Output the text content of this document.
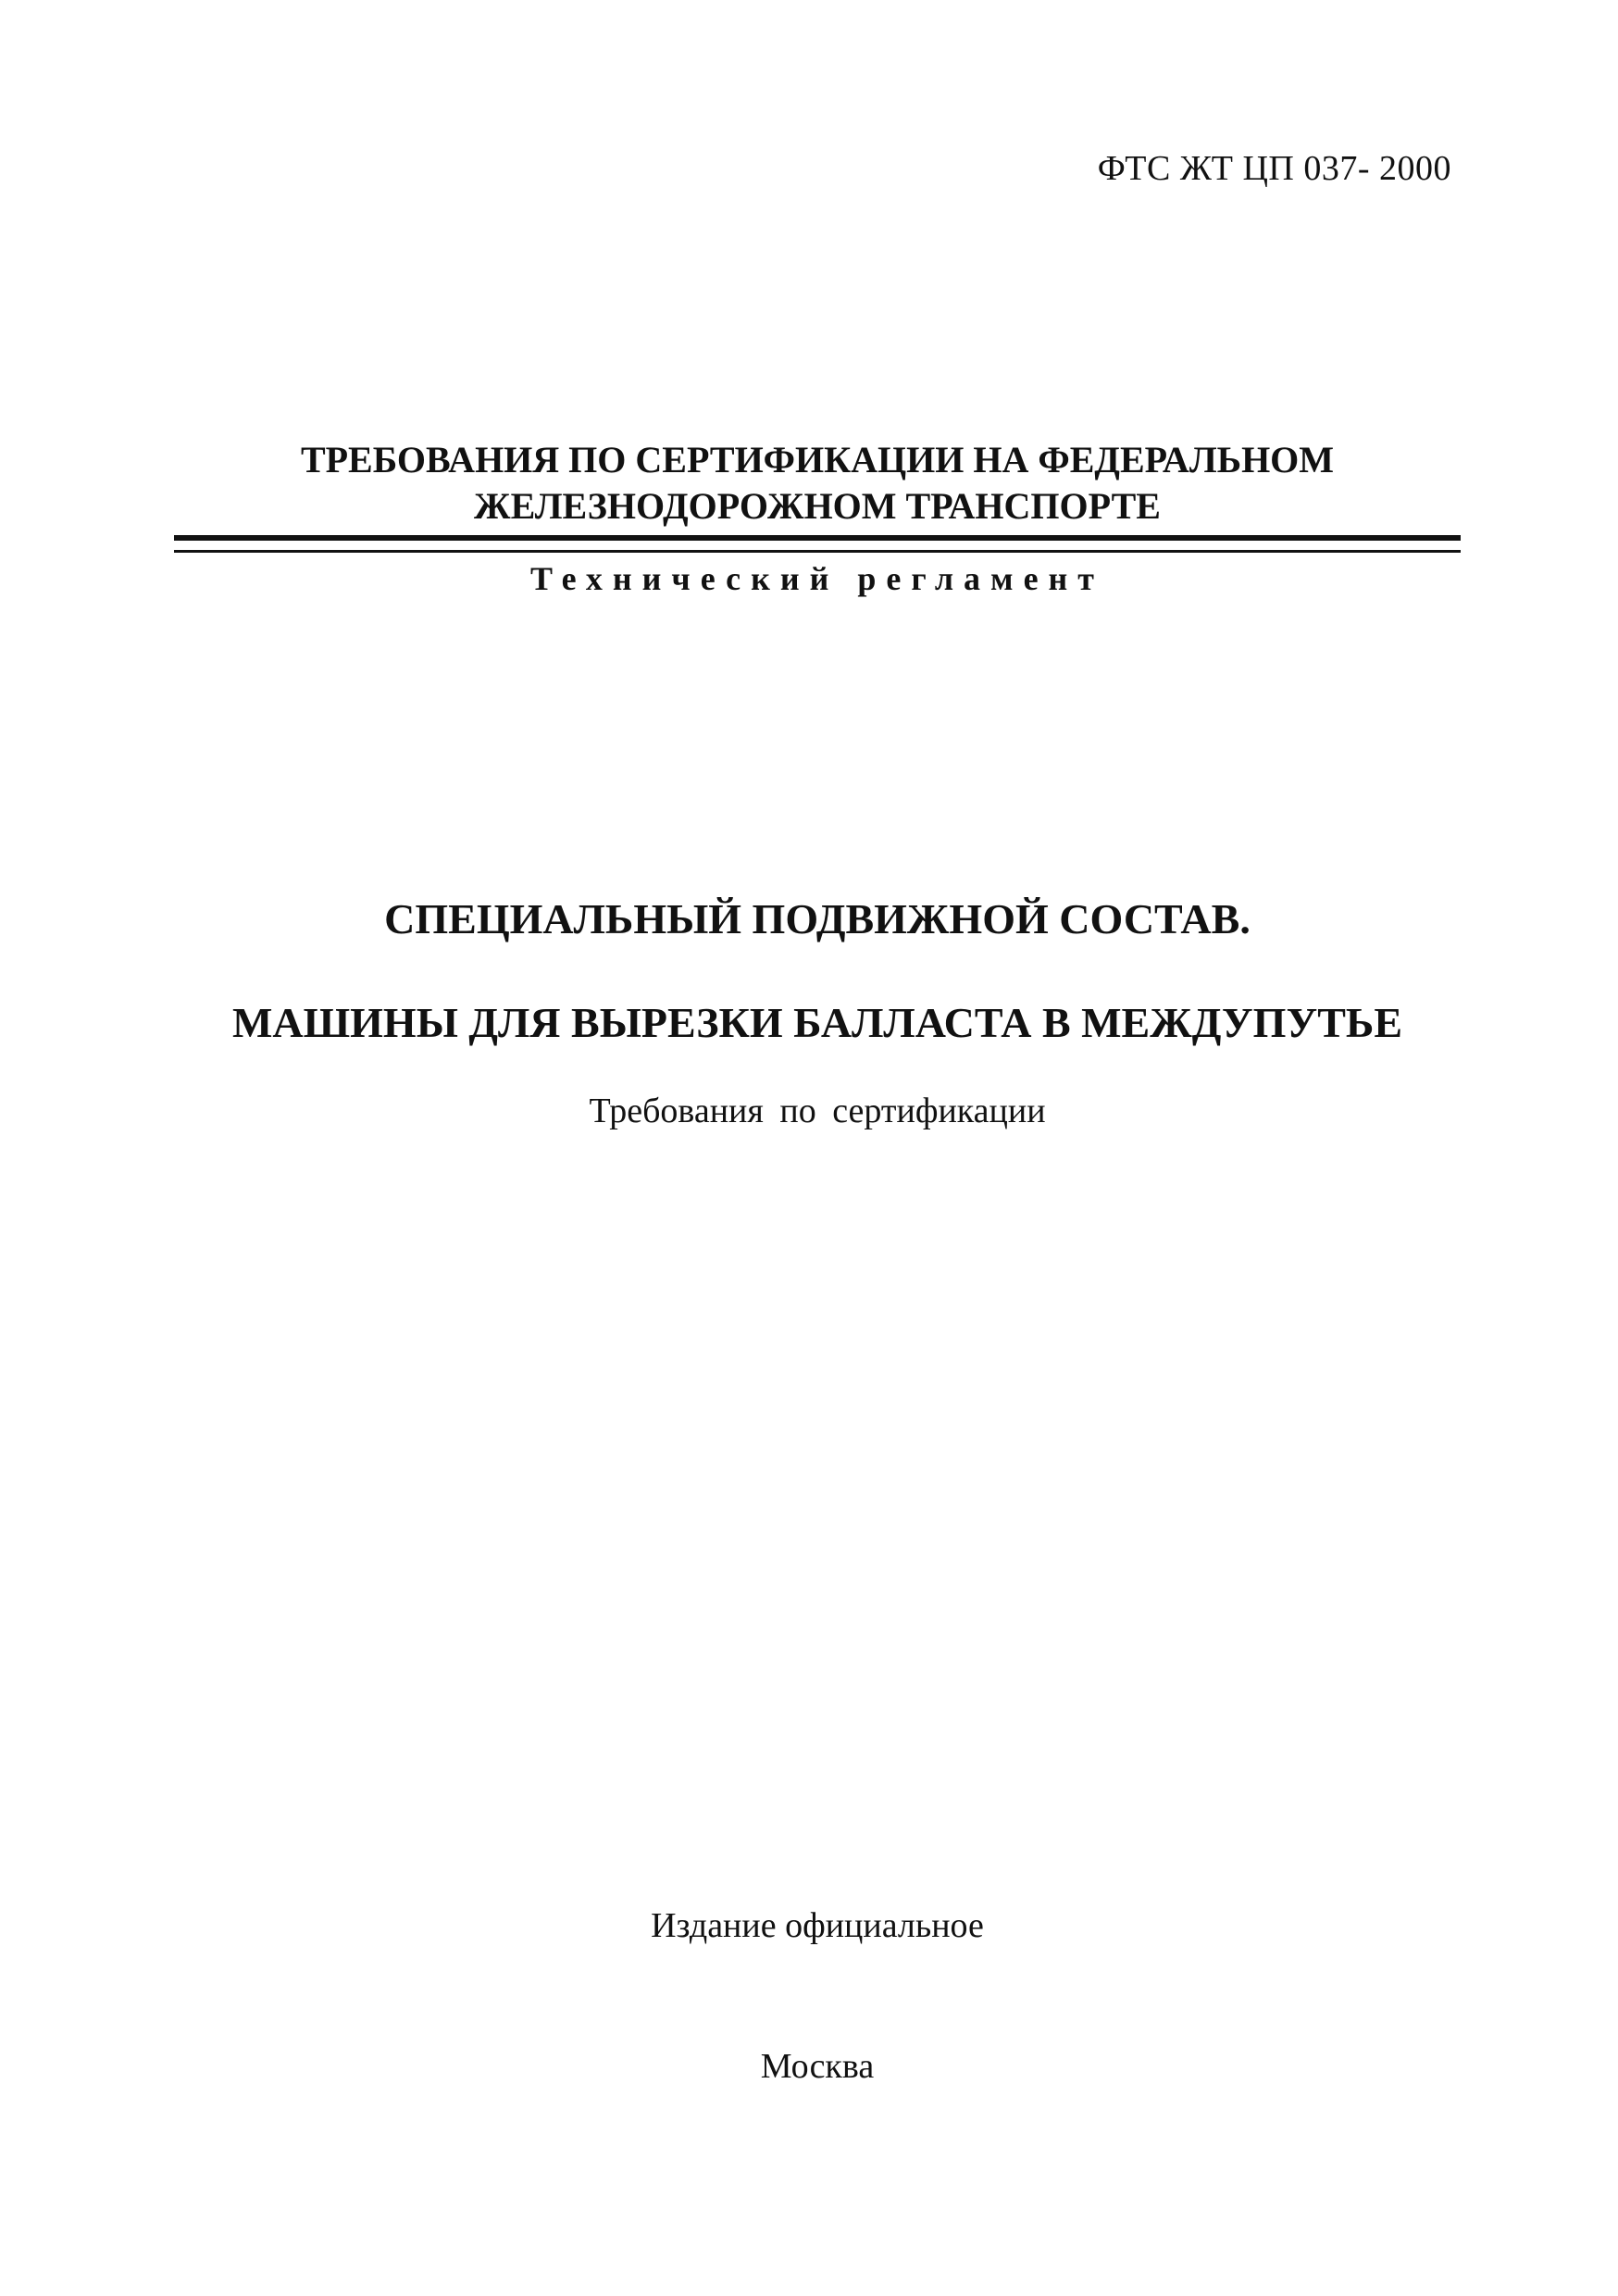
ФТС ЖТ ЦП 037- 2000
ТРЕБОВАНИЯ ПО СЕРТИФИКАЦИИ НА ФЕДЕРАЛЬНОМ
ЖЕЛЕЗНОДОРОЖНОМ ТРАНСПОРТЕ
Технический регламент
СПЕЦИАЛЬНЫЙ ПОДВИЖНОЙ СОСТАВ.
МАШИНЫ ДЛЯ ВЫРЕЗКИ БАЛЛАСТА В МЕЖДУПУТЬЕ
Требования по сертификации
Издание официальное
Москва
